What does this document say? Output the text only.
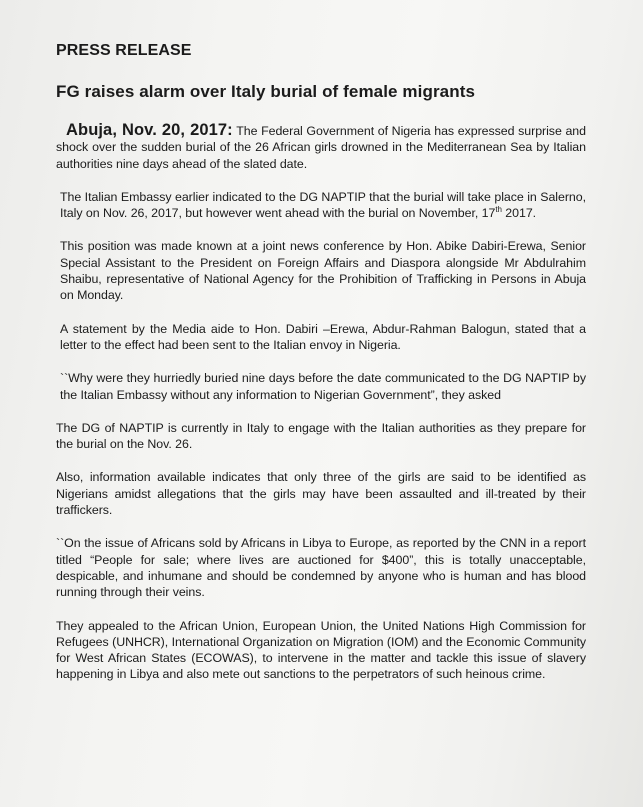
PRESS RELEASE
FG raises alarm over Italy burial of female migrants

Abuja, Nov. 20, 2017: The Federal Government of Nigeria has expressed surprise and shock over the sudden burial of the 26 African girls drowned in the Mediterranean Sea by Italian authorities nine days ahead of the slated date.

The Italian Embassy earlier indicated to the DG NAPTIP that the burial will take place in Salerno, Italy on Nov. 26, 2017, but however went ahead with the burial on November, 17th 2017.

This position was made known at a joint news conference by Hon. Abike Dabiri-Erewa, Senior Special Assistant to the President on Foreign Affairs and Diaspora alongside Mr Abdulrahim Shaibu, representative of National Agency for the Prohibition of Trafficking in Persons in Abuja on Monday.

A statement by the Media aide to Hon. Dabiri –Erewa, Abdur-Rahman Balogun, stated that a letter to the effect had been sent to the Italian envoy in Nigeria.

``Why were they hurriedly buried nine days before the date communicated to the DG NAPTIP by the Italian Embassy without any information to Nigerian Government”, they asked

The DG of NAPTIP is currently in Italy to engage with the Italian authorities as they prepare for the burial on the Nov. 26.

Also, information available indicates that only three of the girls are said to be identified as Nigerians amidst allegations that the girls may have been assaulted and ill-treated by their traffickers.

``On the issue of Africans sold by Africans in Libya to Europe, as reported by the CNN in a report titled “People for sale; where lives are auctioned for $400”, this is totally unacceptable, despicable, and inhumane and should be condemned by anyone who is human and has blood running through their veins.

They appealed to the African Union, European Union, the United Nations High Commission for Refugees (UNHCR), International Organization on Migration (IOM) and the Economic Community for West African States (ECOWAS), to intervene in the matter and tackle this issue of slavery happening in Libya and also mete out sanctions to the perpetrators of such heinous crime.
